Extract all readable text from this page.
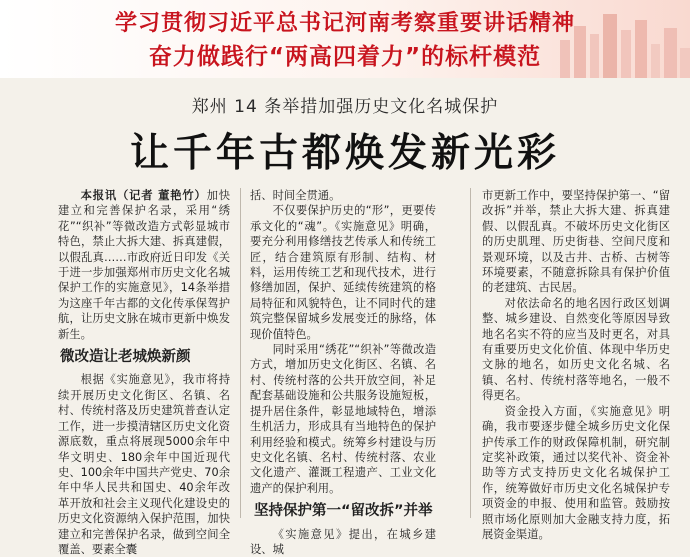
学习贯彻习近平总书记河南考察重要讲话精神
奋力做践行“两高四着力”的标杆模范
郑州 14 条举措加强历史文化名城保护
让千年古都焕发新光彩

本报讯（记者 董艳竹）加快建立和完善保护名录，采用“绣花”“织补”等微改造方式彰显城市特色，禁止大拆大建、拆真建假，以假乱真……市政府近日印发《关于进一步加强郑州市历史文化名城保护工作的实施意见》，14条举措为这座千年古都的文化传承保驾护航，让历史文脉在城市更新中焕发新生。

微改造让老城焕新颜

根据《实施意见》，我市将持续开展历史文化街区、名镇、名村、传统村落及历史建筑普查认定工作，进一步摸清辖区历史文化资源底数，重点将展现5000余年中华文明史、180余年中国近现代史、100余年中国共产党史、70余年中华人民共和国史、40余年改革开放和社会主义现代化建设史的历史文化资源纳入保护范围，加快建立和完善保护名录，做到空间全覆盖、要素全囊

括、时间全贯通。

不仅要保护历史的“形”，更要传承文化的“魂”。《实施意见》明确，要充分利用修缮技艺传承人和传统工匠，结合建筑原有形制、结构、材料，运用传统工艺和现代技术，进行修缮加固，保护、延续传统建筑的格局特征和风貌特色，让不同时代的建筑完整保留城乡发展变迁的脉络，体现价值特色。

同时采用“绣花”“织补”等微改造方式，增加历史文化街区、名镇、名村、传统村落的公共开放空间，补足配套基础设施和公共服务设施短板，提升居住条件，彰显地域特色，增添生机活力，形成具有当地特色的保护利用经验和模式。统筹乡村建设与历史文化名镇、名村、传统村落、农业文化遗产、灌溉工程遗产、工业文化遗产的保护利用。

坚持保护第一“留改拆”并举

《实施意见》提出，在城乡建设、城

市更新工作中，要坚持保护第一、“留改拆”并举，禁止大拆大建、拆真建假、以假乱真。不破坏历史文化街区的历史肌理、历史街巷、空间尺度和景观环境，以及古井、古桥、古树等环境要素，不随意拆除具有保护价值的老建筑、古民居。

对依法命名的地名因行政区划调整、城乡建设、自然变化等原因导致地名名实不符的应当及时更名，对具有重要历史文化价值、体现中华历史文脉的地名，如历史文化名城、名镇、名村、传统村落等地名，一般不得更名。

资金投入方面，《实施意见》明确，我市要逐步健全城乡历史文化保护传承工作的财政保障机制，研究制定奖补政策，通过以奖代补、资金补助等方式支持历史文化名城保护工作，统筹做好市历史文化名城保护专项资金的申报、使用和监管。鼓励按照市场化原则加大金融支持力度，拓展资金渠道。
